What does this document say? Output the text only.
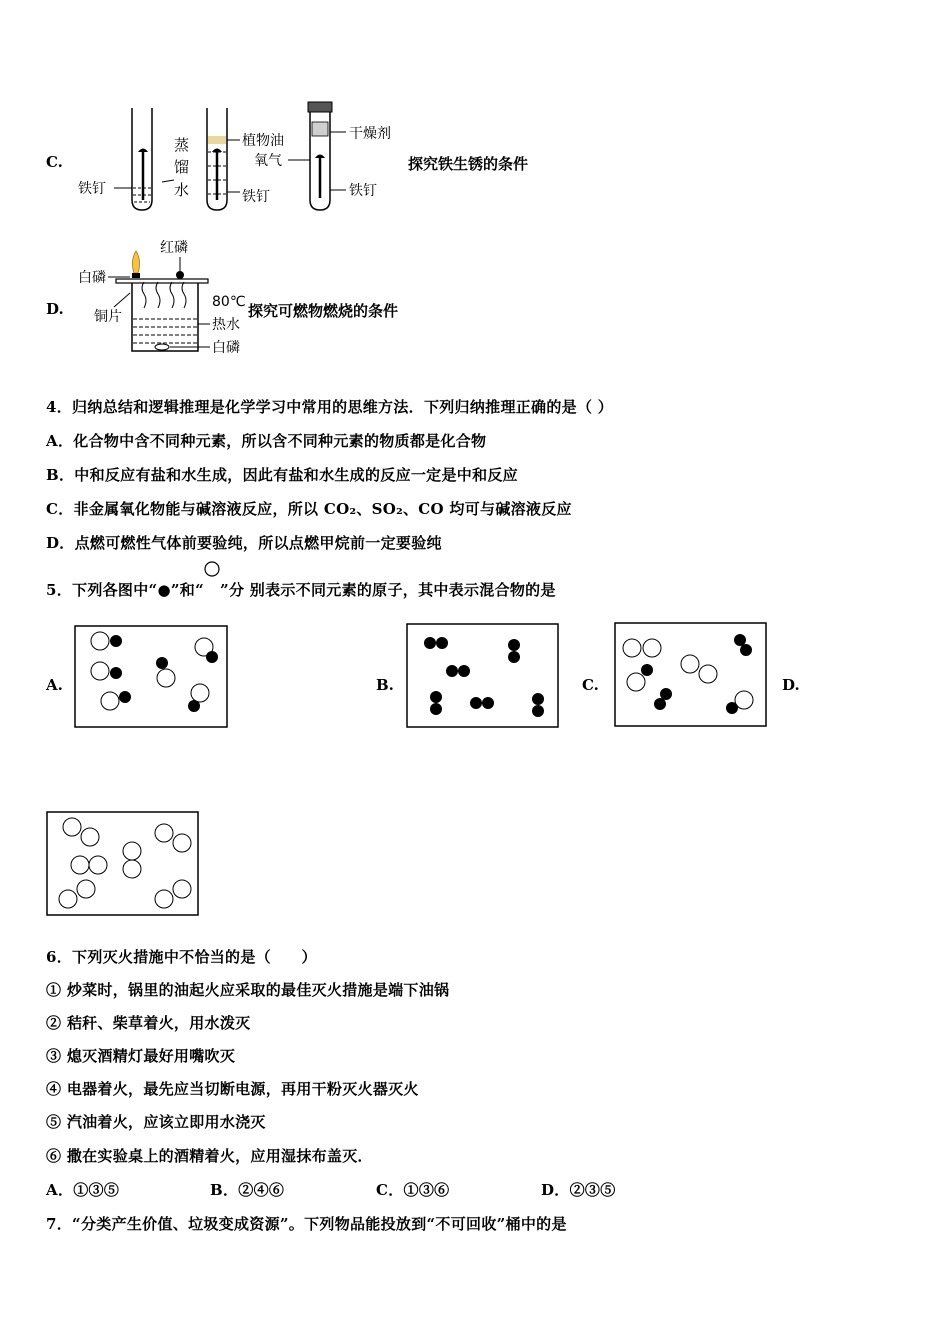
C.
铁钉
蒸
馏
水
植物油
铁钉
干燥剂
氧气
铁钉
探究铁生锈的条件
D.
红磷
白磷
铜片
80℃
热水
白磷
探究可燃物燃烧的条件
4．归纳总结和逻辑推理是化学学习中常用的思维方法．下列归纳推理正确的是（ ）
A．化合物中含不同种元素，所以含不同种元素的物质都是化合物
B．中和反应有盐和水生成，因此有盐和水生成的反应一定是中和反应
C．非金属氧化物能与碱溶液反应，所以 CO₂、SO₂、CO 均可与碱溶液反应
D．点燃可燃性气体前要验纯，所以点燃甲烷前一定要验纯
5．下列各图中“●”和“ ”分 别表示不同元素的原子，其中表示混合物的是
A.	B.	C.	D.
6．下列灭火措施中不恰当的是（　　）
① 炒菜时，锅里的油起火应采取的最佳灭火措施是端下油锅
② 秸秆、柴草着火，用水泼灭
③ 熄灭酒精灯最好用嘴吹灭
④ 电器着火，最先应当切断电源，再用干粉灭火器灭火
⑤ 汽油着火，应该立即用水浇灭
⑥ 撒在实验桌上的酒精着火，应用湿抹布盖灭．
A．①③⑤	B．②④⑥	C．①③⑥	D．②③⑤
7．“分类产生价值、垃圾变成资源”。下列物品能投放到“不可回收”桶中的是
